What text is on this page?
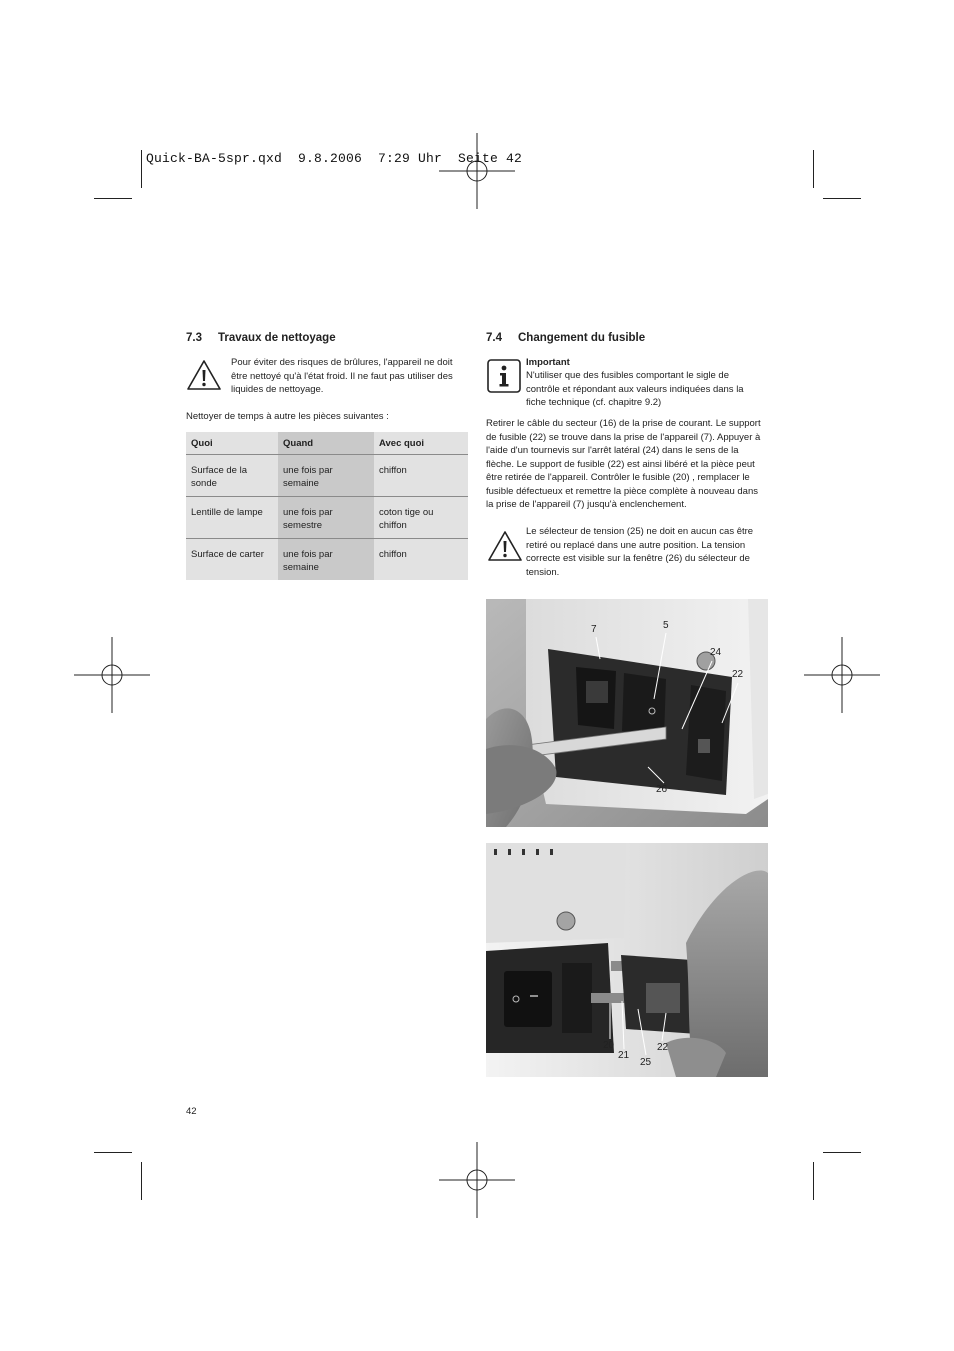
Quick-BA-5spr.qxd  9.8.2006  7:29 Uhr  Seite 42
7.3 Travaux de nettoyage
Pour éviter des risques de brûlures, l'appareil ne doit être nettoyé qu'à l'état froid. Il ne faut pas utiliser des liquides de nettoyage.
Nettoyer de temps à autre les pièces suivantes :
Quoi	Quand	Avec quoi
Surface de la sonde	une fois par semaine	chiffon
Lentille de lampe	une fois par semestre	coton tige ou chiffon
Surface de carter	une fois par semaine	chiffon
7.4 Changement du fusible
Important
N'utiliser que des fusibles comportant le sigle de contrôle et répondant aux valeurs indiquées dans la fiche technique (cf. chapitre 9.2)
Retirer le câble du secteur (16) de la prise de courant. Le support de fusible (22) se trouve dans la prise de l'appareil (7). Appuyer à l'aide d'un tournevis sur l'arrêt latéral (24) dans le sens de la flèche. Le support de fusible (22) est ainsi libéré et la pièce peut être retirée de l'appareil. Contrôler le fusible (20) , remplacer le fusible défectueux et remettre la pièce complète à nouveau dans la prise de l'appareil (7) jusqu'à enclenchement.
Le sélecteur de tension (25) ne doit en aucun cas être retiré ou replacé dans une autre position. La tension correcte est visible sur la fenêtre (26) du sélecteur de tension.
7	5
24
22
26
20
21
25
22
42
